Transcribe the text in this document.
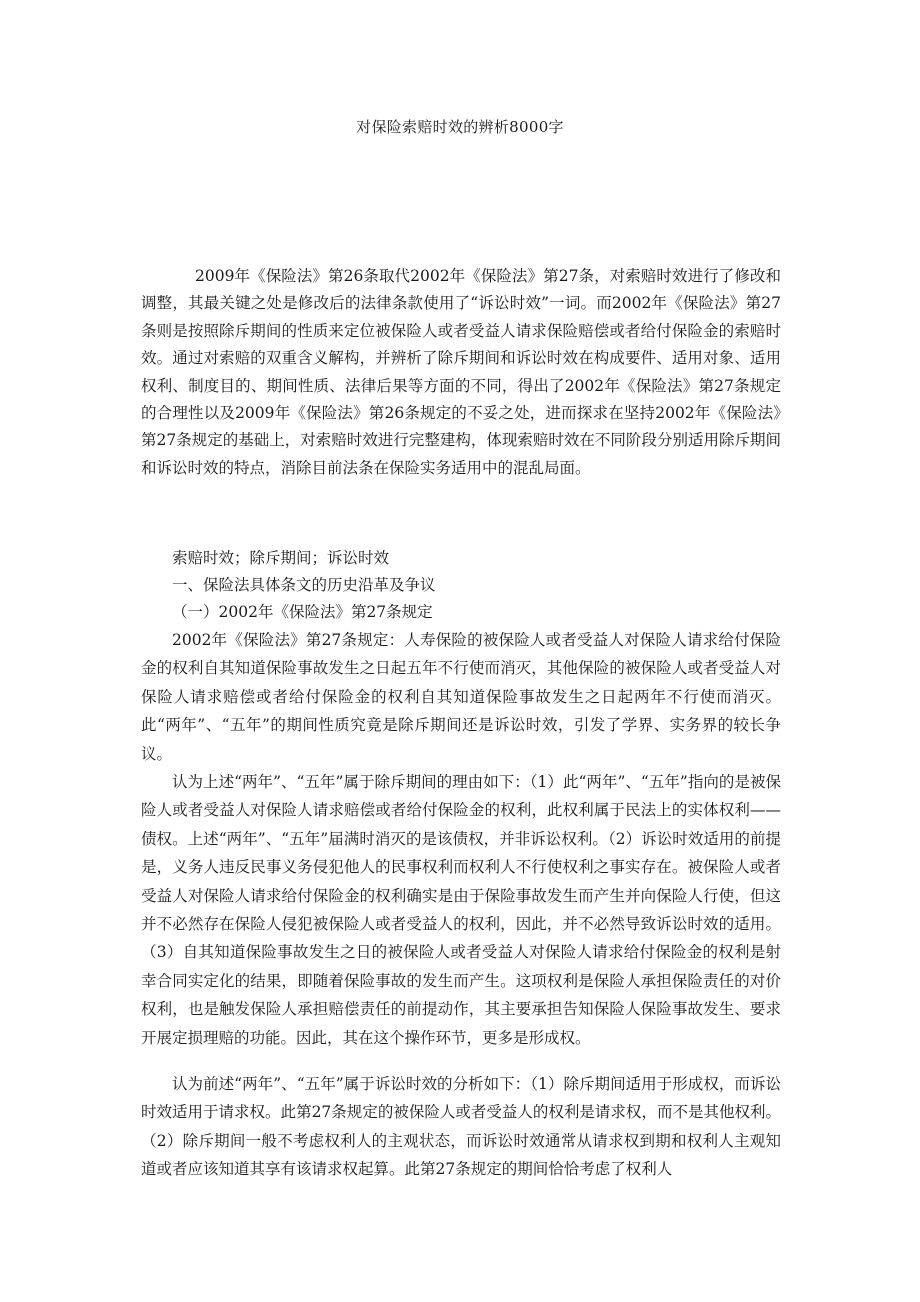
对保险索赔时效的辨析8000字

2009年《保险法》第26条取代2002年《保险法》第27条，对索赔时效进行了修改和调整，其最关键之处是修改后的法律条款使用了“诉讼时效”一词。而2002年《保险法》第27条则是按照除斥期间的性质来定位被保险人或者受益人请求保险赔偿或者给付保险金的索赔时效。通过对索赔的双重含义解构，并辨析了除斥期间和诉讼时效在构成要件、适用对象、适用权利、制度目的、期间性质、法律后果等方面的不同，得出了2002年《保险法》第27条规定的合理性以及2009年《保险法》第26条规定的不妥之处，进而探求在坚持2002年《保险法》第27条规定的基础上，对索赔时效进行完整建构，体现索赔时效在不同阶段分别适用除斥期间和诉讼时效的特点，消除目前法条在保险实务适用中的混乱局面。

索赔时效；除斥期间；诉讼时效

一、保险法具体条文的历史沿革及争议

（一）2002年《保险法》第27条规定

2002年《保险法》第27条规定：人寿保险的被保险人或者受益人对保险人请求给付保险金的权利自其知道保险事故发生之日起五年不行使而消灭，其他保险的被保险人或者受益人对保险人请求赔偿或者给付保险金的权利自其知道保险事故发生之日起两年不行使而消灭。此“两年”、“五年”的期间性质究竟是除斥期间还是诉讼时效，引发了学界、实务界的较长争议。

认为上述“两年”、“五年”属于除斥期间的理由如下：（1）此“两年”、“五年”指向的是被保险人或者受益人对保险人请求赔偿或者给付保险金的权利，此权利属于民法上的实体权利——债权。上述“两年”、“五年”届满时消灭的是该债权，并非诉讼权利。（2）诉讼时效适用的前提是，义务人违反民事义务侵犯他人的民事权利而权利人不行使权利之事实存在。被保险人或者受益人对保险人请求给付保险金的权利确实是由于保险事故发生而产生并向保险人行使，但这并不必然存在保险人侵犯被保险人或者受益人的权利，因此，并不必然导致诉讼时效的适用。（3）自其知道保险事故发生之日的被保险人或者受益人对保险人请求给付保险金的权利是射幸合同实定化的结果，即随着保险事故的发生而产生。这项权利是保险人承担保险责任的对价权利，也是触发保险人承担赔偿责任的前提动作，其主要承担告知保险人保险事故发生、要求开展定损理赔的功能。因此，其在这个操作环节，更多是形成权。

认为前述“两年”、“五年”属于诉讼时效的分析如下：（1）除斥期间适用于形成权，而诉讼时效适用于请求权。此第27条规定的被保险人或者受益人的权利是请求权，而不是其他权利。（2）除斥期间一般不考虑权利人的主观状态，而诉讼时效通常从请求权到期和权利人主观知道或者应该知道其享有该请求权起算。此第27条规定的期间恰恰考虑了权利人
